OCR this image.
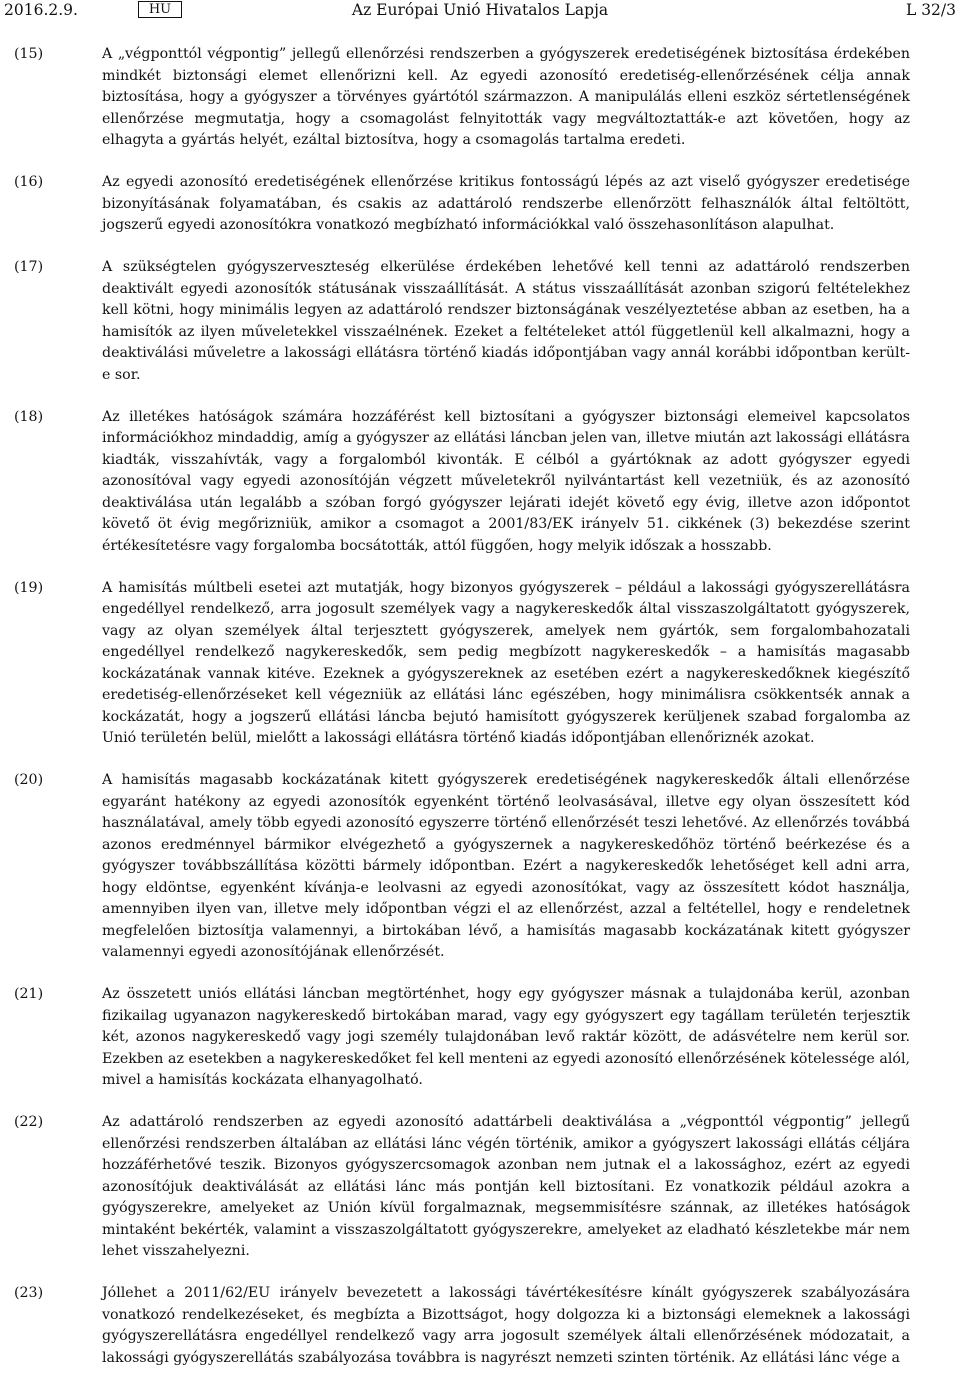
2016.2.9.	HU	Az Európai Unió Hivatalos Lapja	L 32/3
(15)	A „végponttól végpontig” jellegű ellenőrzési rendszerben a gyógyszerek eredetiségének biztosítása érdekében mindkét biztonsági elemet ellenőrizni kell. Az egyedi azonosító eredetiség-ellenőrzésének célja annak biztosítása, hogy a gyógyszer a törvényes gyártótól származzon. A manipulálás elleni eszköz sértetlenségének ellenőrzése megmutatja, hogy a csomagolást felnyitották vagy megváltoztatták-e azt követően, hogy az elhagyta a gyártás helyét, ezáltal biztosítva, hogy a csomagolás tartalma eredeti.
(16)	Az egyedi azonosító eredetiségének ellenőrzése kritikus fontosságú lépés az azt viselő gyógyszer eredetisége bizonyításának folyamatában, és csakis az adattároló rendszerbe ellenőrzött felhasználók által feltöltött, jogszerű egyedi azonosítókra vonatkozó megbízható információkkal való összehasonlításon alapulhat.
(17)	A szükségtelen gyógyszerveszteség elkerülése érdekében lehetővé kell tenni az adattároló rendszerben deaktivált egyedi azonosítók státusának visszaállítását. A státus visszaállítását azonban szigorú feltételekhez kell kötni, hogy minimális legyen az adattároló rendszer biztonságának veszélyeztetése abban az esetben, ha a hamisítók az ilyen műveletekkel visszaélnének. Ezeket a feltételeket attól függetlenül kell alkalmazni, hogy a deaktiválási műveletre a lakossági ellátásra történő kiadás időpontjában vagy annál korábbi időpontban került-e sor.
(18)	Az illetékes hatóságok számára hozzáférést kell biztosítani a gyógyszer biztonsági elemeivel kapcsolatos információkhoz mindaddig, amíg a gyógyszer az ellátási láncban jelen van, illetve miután azt lakossági ellátásra kiadták, visszahívták, vagy a forgalomból kivonták. E célból a gyártóknak az adott gyógyszer egyedi azonosítóval vagy egyedi azonosítóján végzett műveletekről nyilvántartást kell vezetniük, és az azonosító deaktiválása után legalább a szóban forgó gyógyszer lejárati idejét követő egy évig, illetve azon időpontot követő öt évig megőrizniük, amikor a csomagot a 2001/83/EK irányelv 51. cikkének (3) bekezdése szerint értékesítetésre vagy forgalomba bocsátották, attól függően, hogy melyik időszak a hosszabb.
(19)	A hamisítás múltbeli esetei azt mutatják, hogy bizonyos gyógyszerek – például a lakossági gyógyszerellátásra engedéllyel rendelkező, arra jogosult személyek vagy a nagykereskedők által visszaszolgáltatott gyógyszerek, vagy az olyan személyek által terjesztett gyógyszerek, amelyek nem gyártók, sem forgalombahozatali engedéllyel rendelkező nagykereskedők, sem pedig megbízott nagykereskedők – a hamisítás magasabb kockázatának vannak kitéve. Ezeknek a gyógyszereknek az esetében ezért a nagykereskedőknek kiegészítő eredetiség-ellenőrzéseket kell végezniük az ellátási lánc egészében, hogy minimálisra csökkentsék annak a kockázatát, hogy a jogszerű ellátási láncba bejutó hamisított gyógyszerek kerüljenek szabad forgalomba az Unió területén belül, mielőtt a lakossági ellátásra történő kiadás időpontjában ellenőriznék azokat.
(20)	A hamisítás magasabb kockázatának kitett gyógyszerek eredetiségének nagykereskedők általi ellenőrzése egyaránt hatékony az egyedi azonosítók egyenként történő leolvasásával, illetve egy olyan összesített kód használatával, amely több egyedi azonosító egyszerre történő ellenőrzését teszi lehetővé. Az ellenőrzés továbbá azonos eredménnyel bármikor elvégezhető a gyógyszernek a nagykereskedőhöz történő beérkezése és a gyógyszer továbbszállítása közötti bármely időpontban. Ezért a nagykereskedők lehetőséget kell adni arra, hogy eldöntse, egyenként kívánja-e leolvasni az egyedi azonosítókat, vagy az összesített kódot használja, amennyiben ilyen van, illetve mely időpontban végzi el az ellenőrzést, azzal a feltétellel, hogy e rendeletnek megfelelően biztosítja valamennyi, a birtokában lévő, a hamisítás magasabb kockázatának kitett gyógyszer valamennyi egyedi azonosítójának ellenőrzését.
(21)	Az összetett uniós ellátási láncban megtörténhet, hogy egy gyógyszer másnak a tulajdonába kerül, azonban fizikailag ugyanazon nagykereskedő birtokában marad, vagy egy gyógyszert egy tagállam területén terjesztik két, azonos nagykereskedő vagy jogi személy tulajdonában levő raktár között, de adásvételre nem kerül sor. Ezekben az esetekben a nagykereskedőket fel kell menteni az egyedi azonosító ellenőrzésének kötelessége alól, mivel a hamisítás kockázata elhanyagolható.
(22)	Az adattároló rendszerben az egyedi azonosító adattárbeli deaktiválása a „végponttól végpontig” jellegű ellenőrzési rendszerben általában az ellátási lánc végén történik, amikor a gyógyszert lakossági ellátás céljára hozzáférhetővé teszik. Bizonyos gyógyszercsomagok azonban nem jutnak el a lakossághoz, ezért az egyedi azonosítójuk deaktiválását az ellátási lánc más pontján kell biztosítani. Ez vonatkozik például azokra a gyógyszerekre, amelyeket az Unión kívül forgalmaznak, megsemmisítésre szánnak, az illetékes hatóságok mintaként bekérték, valamint a visszaszolgáltatott gyógyszerekre, amelyeket az eladható készletekbe már nem lehet visszahelyezni.
(23)	Jóllehet a 2011/62/EU irányelv bevezetett a lakossági távértékesítésre kínált gyógyszerek szabályozására vonatkozó rendelkezéseket, és megbízta a Bizottságot, hogy dolgozza ki a biztonsági elemeknek a lakossági gyógyszerellátásra engedéllyel rendelkező vagy arra jogosult személyek általi ellenőrzésének módozatait, a lakossági gyógyszerellátás szabályozása továbbra is nagyrészt nemzeti szinten történik. Az ellátási lánc vége a
